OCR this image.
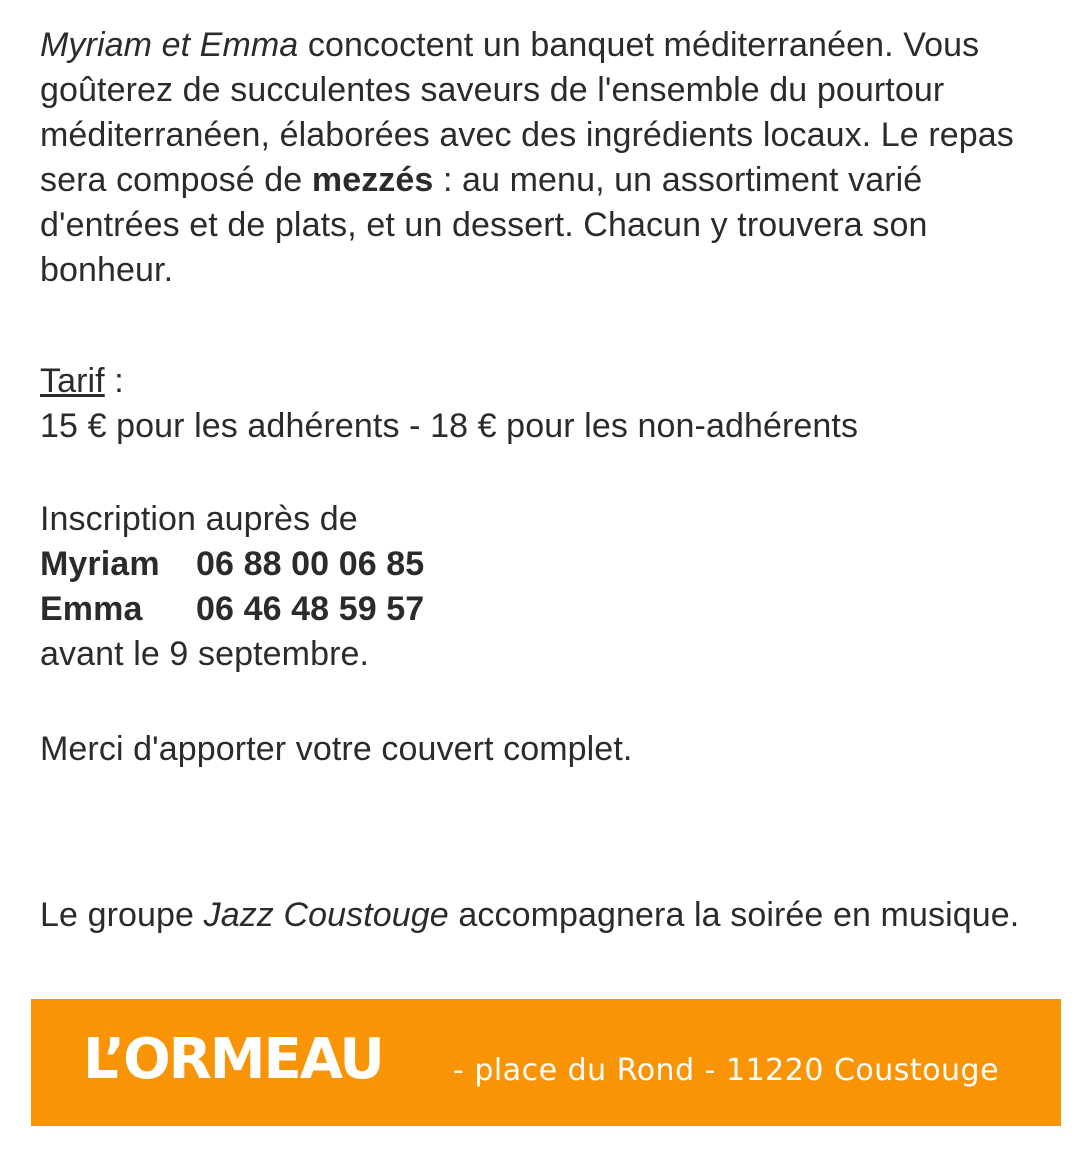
Myriam et Emma concoctent un banquet méditerranéen. Vous goûterez de succulentes saveurs de l'ensemble du pourtour méditerranéen, élaborées avec des ingrédients locaux. Le repas sera composé de mezzés : au menu, un assortiment varié d'entrées et de plats, et un dessert. Chacun y trouvera son bonheur.

Tarif :

15 € pour les adhérents - 18 € pour les non-adhérents

Inscription auprès de

Myriam 06 88 00 06 85

Emma 06 46 48 59 57

avant le 9 septembre.

Merci d'apporter votre couvert complet.

Le groupe Jazz Coustouge accompagnera la soirée en musique.

L’ORMEAU - place du Rond - 11220 Coustouge
